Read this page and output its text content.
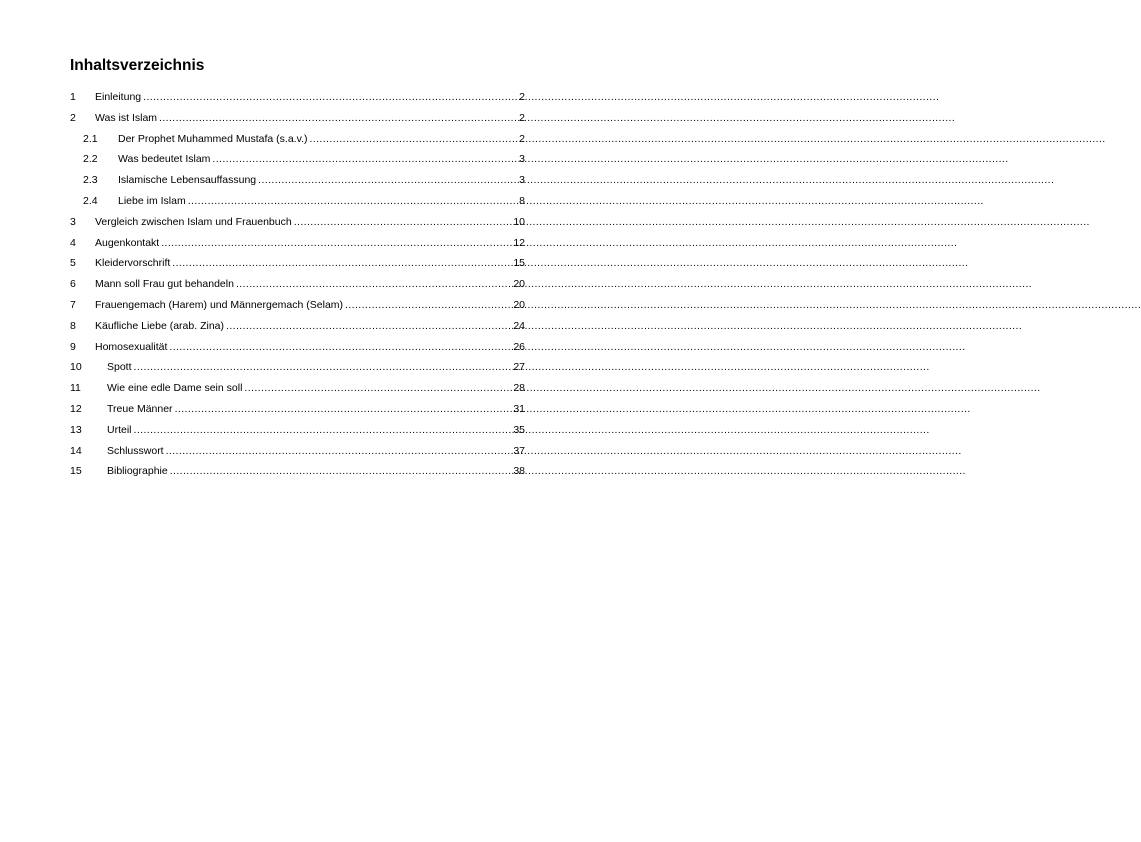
Inhaltsverzeichnis
1	Einleitung .....	2
2	Was ist Islam .....	2
2.1	Der Prophet Muhammed Mustafa (s.a.v.) .....	2
2.2	Was bedeutet Islam .....	3
2.3	Islamische Lebensauffassung .....	3
2.4	Liebe im Islam .....	8
3	Vergleich zwischen Islam und Frauenbuch .....	10
4	Augenkontakt .....	12
5	Kleidervorschrift .....	15
6	Mann soll Frau gut behandeln .....	20
7	Frauengemach (Harem) und Männergemach (Selam) .....	20
8	Käufliche Liebe (arab. Zina) .....	24
9	Homosexualität .....	26
10	Spott .....	27
11	Wie eine edle Dame sein soll .....	28
12	Treue Männer .....	31
13	Urteil .....	35
14	Schlusswort .....	37
15	Bibliographie .....	38
